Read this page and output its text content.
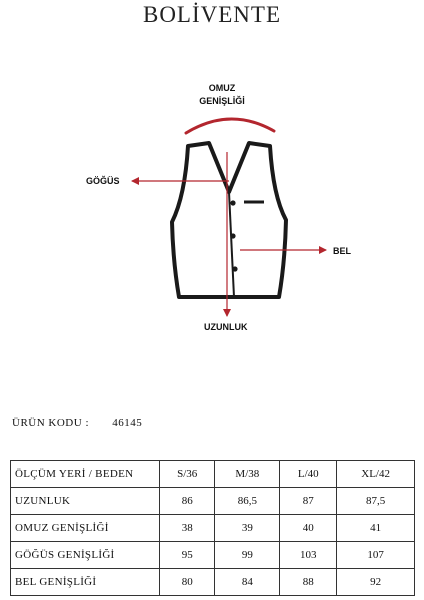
BOLİVENTE
OMUZ
GENİŞLİĞİ
GÖĞÜS
BEL
UZUNLUK
ÜRÜN KODU : 46145
ÖLÇÜM YERİ / BEDEN	S/36	M/38	L/40	XL/42
UZUNLUK	86	86,5	87	87,5
OMUZ GENİŞLİĞİ	38	39	40	41
GÖĞÜS GENİŞLİĞİ	95	99	103	107
BEL GENİŞLİĞİ	80	84	88	92
